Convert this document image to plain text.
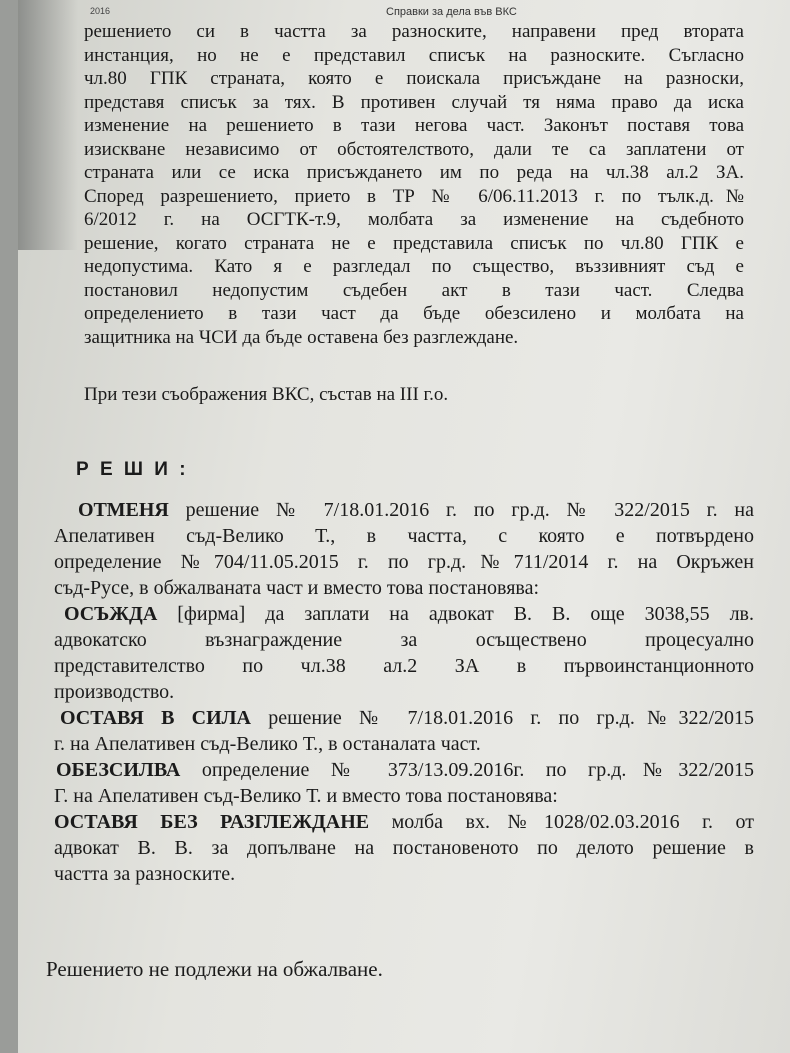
2016	Справки за дела във ВКС

решението си в частта за разноските, направени пред втората

инстанция, но не е представил списък на разноските. Съгласно

чл.80 ГПК страната, която е поискала присъждане на разноски,

представя списък за тях. В противен случай тя няма право да иска

изменение на решението в тази негова част. Законът поставя това

изискване независимо от обстоятелството, дали те са заплатени от

страната или се иска присъждането им по реда на чл.38 ал.2 ЗА.

Според разрешението, прието в ТР № 6/06.11.2013 г. по тълк.д.№

6/2012 г. на ОСГТК-т.9, молбата за изменение на съдебното

решение, когато страната не е представила списък по чл.80 ГПК е

недопустима. Като я е разгледал по същество, въззивният съд е

постановил недопустим съдебен акт в тази част. Следва

определението в тази част да бъде обезсилено и молбата на

защитника на ЧСИ да бъде оставена без разглеждане.

При тези съображения ВКС, състав на III г.о.
Р Е Ш И :

ОТМЕНЯ решение № 7/18.01.2016 г. по гр.д. № 322/2015 г. на

Апелативен съд-Велико Т., в частта, с която е потвърдено

определение №704/11.05.2015 г. по гр.д.№711/2014 г. на Окръжен

съд-Русе, в обжалваната част и вместо това постановява:

ОСЪЖДА [фирма] да заплати на адвокат В. В. още 3038,55 лв.

адвокатско възнаграждение за осъществено процесуално

представителство по чл.38 ал.2 ЗА в първоинстанционното

производство.

ОСТАВЯ В СИЛА решение № 7/18.01.2016 г. по гр.д.№322/2015

г. на Апелативен съд-Велико Т., в останалата част.

ОБЕЗСИЛВА определение № 373/13.09.2016г. по гр.д.№322/2015

Г. на Апелативен съд-Велико Т. и вместо това постановява:

ОСТАВЯ БЕЗ РАЗГЛЕЖДАНЕ молба вх.№1028/02.03.2016 г. от

адвокат В. В. за допълване на постановеното по делото решение в

частта за разноските.

Решението не подлежи на обжалване.
